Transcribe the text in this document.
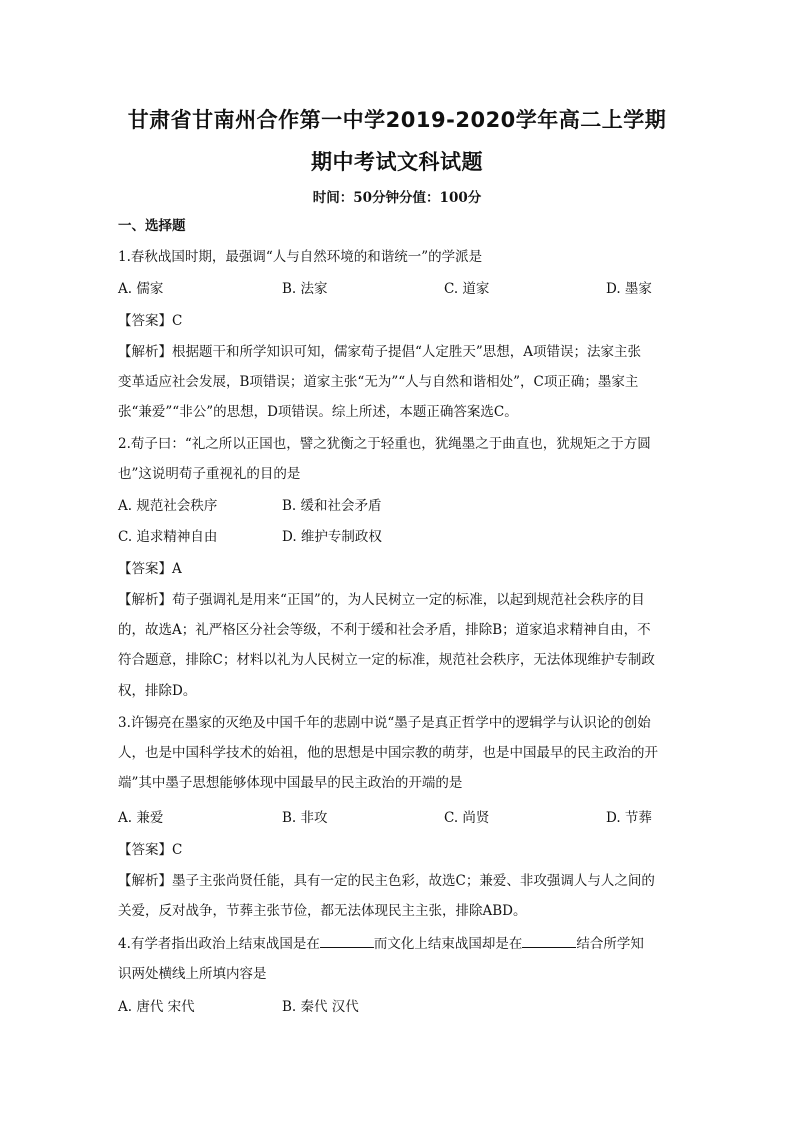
甘肃省甘南州合作第一中学2019-2020学年高二上学期
期中考试文科试题
时间：50分钟分值：100分
一、选择题
1.春秋战国时期，最强调“人与自然环境的和谐统一”的学派是
A. 儒家	B. 法家	C. 道家	D. 墨家
【答案】C
【解析】根据题干和所学知识可知，儒家荀子提倡“人定胜天”思想，A项错误；法家主张
变革适应社会发展，B项错误；道家主张“无为”“人与自然和谐相处”，C项正确；墨家主
张“兼爱”“非公”的思想，D项错误。综上所述，本题正确答案选C。
2.荀子曰：“礼之所以正国也，譬之犹衡之于轻重也，犹绳墨之于曲直也，犹规矩之于方圆
也”这说明荀子重视礼的目的是
A. 规范社会秩序	B. 缓和社会矛盾
C. 追求精神自由	D. 维护专制政权
【答案】A
【解析】荀子强调礼是用来“正国”的，为人民树立一定的标准，以起到规范社会秩序的目
的，故选A；礼严格区分社会等级，不利于缓和社会矛盾，排除B；道家追求精神自由，不
符合题意，排除C；材料以礼为人民树立一定的标准，规范社会秩序，无法体现维护专制政
权，排除D。
3.许锡亮在墨家的灭绝及中国千年的悲剧中说“墨子是真正哲学中的逻辑学与认识论的创始
人，也是中国科学技术的始祖，他的思想是中国宗教的萌芽，也是中国最早的民主政治的开
端”其中墨子思想能够体现中国最早的民主政治的开端的是
A. 兼爱	B. 非攻	C. 尚贤	D. 节葬
【答案】C
【解析】墨子主张尚贤任能，具有一定的民主色彩，故选C；兼爱、非攻强调人与人之间的
关爱，反对战争，节葬主张节俭，都无法体现民主主张，排除ABD。
4.有学者指出政治上结束战国是在	而文化上结束战国却是在	结合所学知
识两处横线上所填内容是
A. 唐代 宋代	B. 秦代 汉代
